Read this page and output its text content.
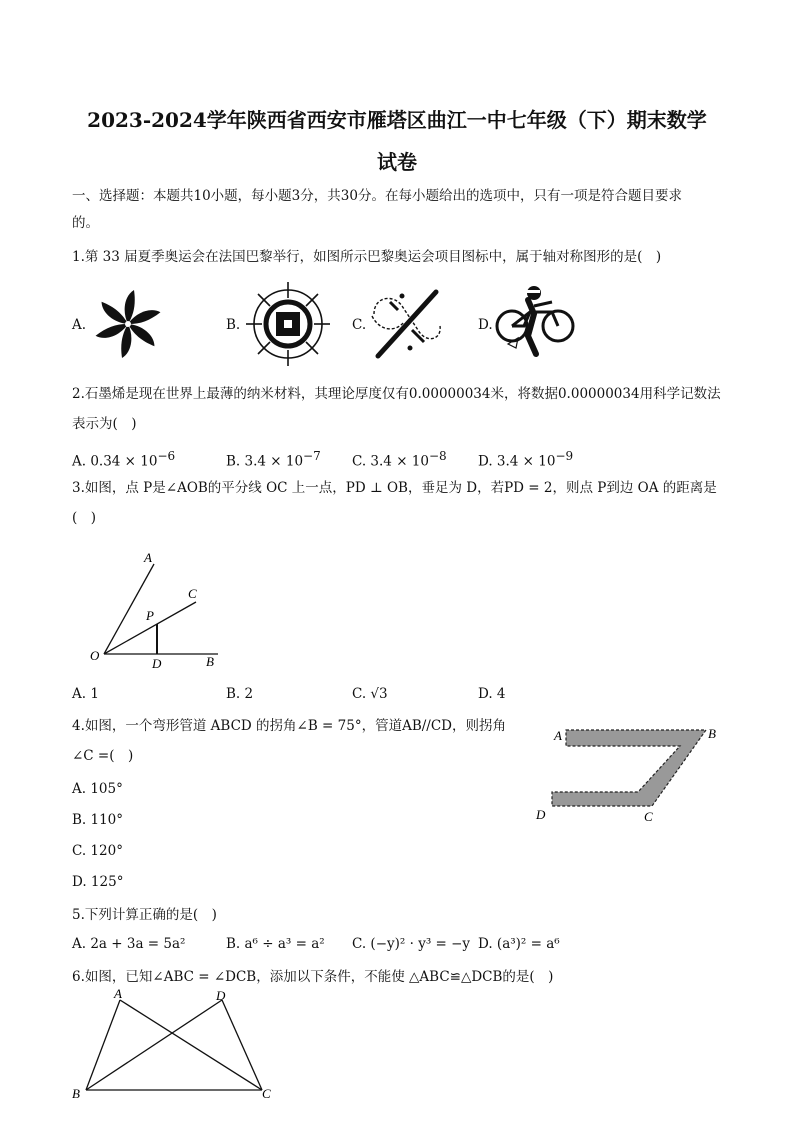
2023-2024学年陕西省西安市雁塔区曲江一中七年级（下）期末数学
试卷
一、选择题：本题共10小题，每小题3分，共30分。在每小题给出的选项中，只有一项是符合题目要求
的。
1.第 33 届夏季奥运会在法国巴黎举行，如图所示巴黎奥运会项目图标中，属于轴对称图形的是(　)
A.	B.	C.	D.
2.石墨烯是现在世界上最薄的纳米材料，其理论厚度仅有0.00000034米，将数据0.00000034用科学记数法
表示为(　)
A. $0.34 \times 10^{-6}$	B. $3.4 \times 10^{-7}$ C. $3.4 \times 10^{-8}$ D. $3.4 \times 10^{-9}$
3.如图，点 P是∠AOB的平分线 OC 上一点，PD ⊥ OB，垂足为 D，若PD = 2，则点 P到边 OA 的距离是
(　)
A
C
P
O
D	B
A. 1	B. 2	C. √3	D. 4
4.如图，一个弯形管道 ABCD 的拐角∠B = 75°，管道AB//CD，则拐角
∠C =(　)
A	B
C
D
A. 105°
B. 110°
C. 120°
D. 125°
5.下列计算正确的是(　)
A. 2a + 3a = 5a²	B. a⁶ ÷ a³ = a² C. (−y)² · y³ = −y D. (a³)² = a⁶
6.如图，已知∠ABC = ∠DCB，添加以下条件，不能使 △ABC≌△DCB的是(　)
A	D
B	C
